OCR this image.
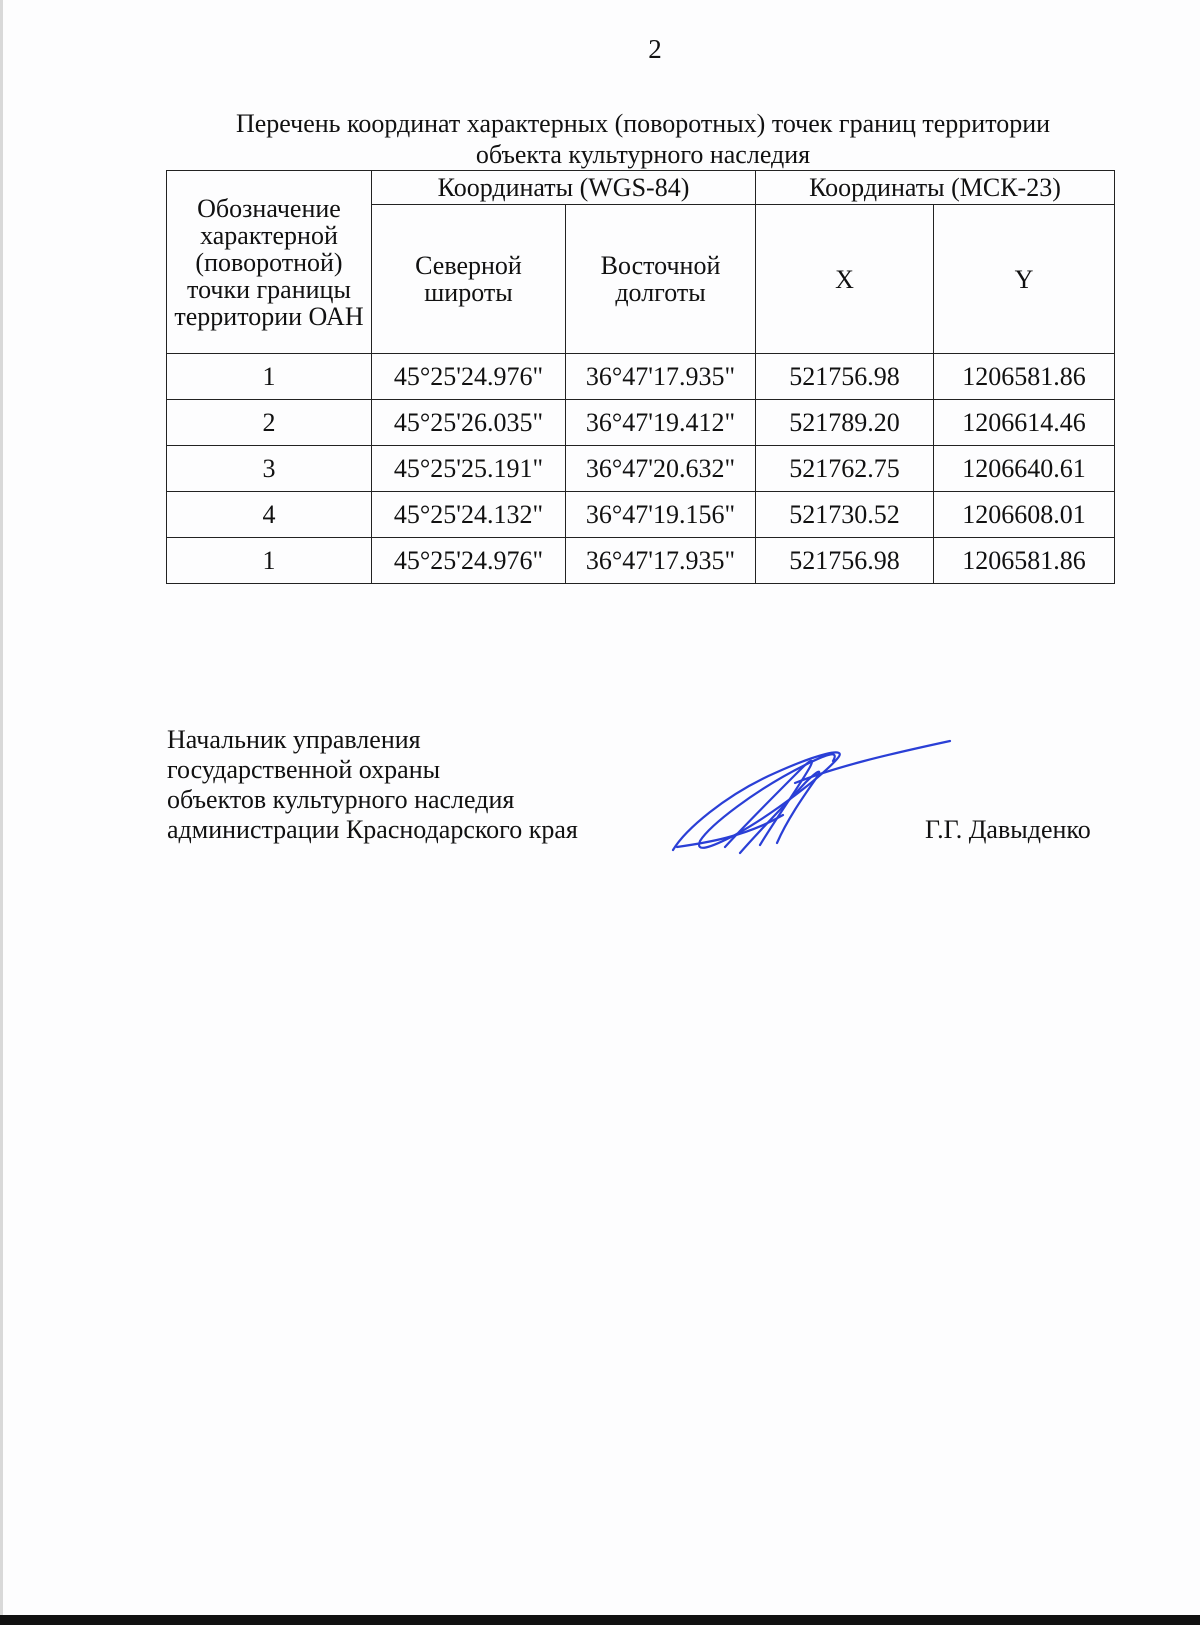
2
Перечень координат характерных (поворотных) точек границ территории
объекта культурного наследия
Обозначение характерной (поворотной) точки границы территории ОАН	Координаты (WGS-84)		Координаты (МСК-23)	
	Северной широты	Восточной долготы	X	Y
1	45°25'24.976"	36°47'17.935"	521756.98	1206581.86
2	45°25'26.035"	36°47'19.412"	521789.20	1206614.46
3	45°25'25.191"	36°47'20.632"	521762.75	1206640.61
4	45°25'24.132"	36°47'19.156"	521730.52	1206608.01
1	45°25'24.976"	36°47'17.935"	521756.98	1206581.86
Начальник управления
государственной охраны
объектов культурного наследия
администрации Краснодарского края	Г.Г. Давыденко
